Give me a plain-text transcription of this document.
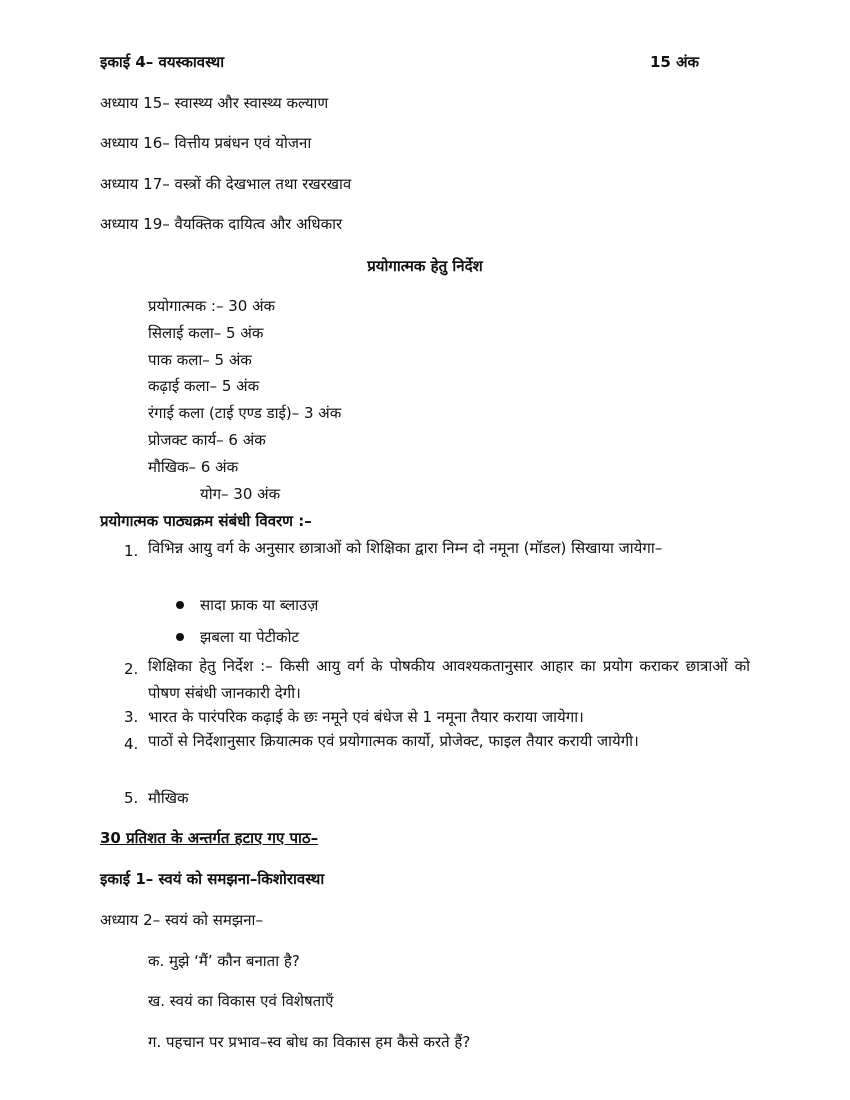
इकाई 4– वयस्कावस्था	15 अंक
अध्याय 15– स्वास्थ्य और स्वास्थ्य कल्याण
अध्याय 16– वित्तीय प्रबंधन एवं योजना
अध्याय 17– वस्त्रों की देखभाल तथा रखरखाव
अध्याय 19– वैयक्तिक दायित्व और अधिकार
प्रयोगात्मक हेतु निर्देश
प्रयोगात्मक :– 30 अंक
सिलाई कला– 5 अंक
पाक कला– 5 अंक
कढ़ाई कला– 5 अंक
रंगाई कला (टाई एण्ड डाई)– 3 अंक
प्रोजक्ट कार्य– 6 अंक
मौखिक– 6 अंक
योग– 30 अंक
प्रयोगात्मक पाठ्यक्रम संबंधी विवरण :–
1. विभिन्न आयु वर्ग के अनुसार छात्राओं को शिक्षिका द्वारा निम्न दो नमूना (मॉडल) सिखाया जायेगा–
सादा फ्राक या ब्लाउज़
झबला या पेटीकोट
2. शिक्षिका हेतु निर्देश :– किसी आयु वर्ग के पोषकीय आवश्यकतानुसार आहार का प्रयोग कराकर छात्राओं को पोषण संबंधी जानकारी देगी।
3. भारत के पारंपरिक कढ़ाई के छः नमूने एवं बंधेज से 1 नमूना तैयार कराया जायेगा।
4. पाठों से निर्देशानुसार क्रियात्मक एवं प्रयोगात्मक कार्यो, प्रोजेक्ट, फाइल तैयार करायी जायेगी।
5. मौखिक
30 प्रतिशत के अन्तर्गत हटाए गए पाठ–
इकाई 1– स्वयं को समझना–किशोरावस्था
अध्याय 2– स्वयं को समझना–
क. मुझे ‘मैं’ कौन बनाता है?
ख. स्वयं का विकास एवं विशेषताएँ
ग. पहचान पर प्रभाव–स्व बोध का विकास हम कैसे करते हैं?
